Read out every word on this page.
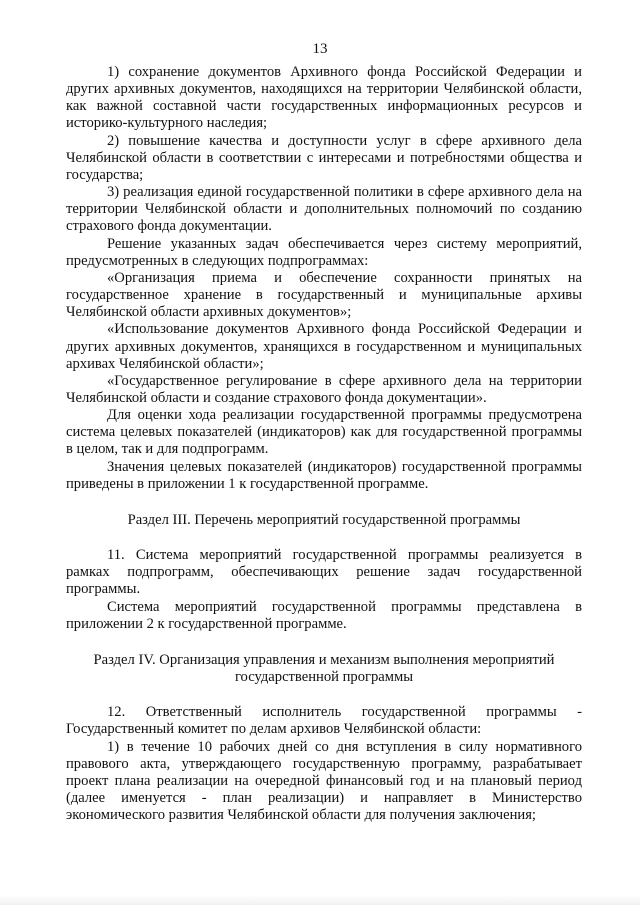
13

1) сохранение документов Архивного фонда Российской Федерации и других архивных документов, находящихся на территории Челябинской области, как важной составной части государственных информационных ресурсов и историко-культурного наследия;

2) повышение качества и доступности услуг в сфере архивного дела Челябинской области в соответствии с интересами и потребностями общества и государства;

3) реализация единой государственной политики в сфере архивного дела на территории Челябинской области и дополнительных полномочий по созданию страхового фонда документации.

Решение указанных задач обеспечивается через систему мероприятий, предусмотренных в следующих подпрограммах:

«Организация приема и обеспечение сохранности принятых на государственное хранение в государственный и муниципальные архивы Челябинской области архивных документов»;

«Использование документов Архивного фонда Российской Федерации и других архивных документов, хранящихся в государственном и муниципальных архивах Челябинской области»;

«Государственное регулирование в сфере архивного дела на территории Челябинской области и создание страхового фонда документации».

Для оценки хода реализации государственной программы предусмотрена система целевых показателей (индикаторов) как для государственной программы в целом, так и для подпрограмм.

Значения целевых показателей (индикаторов) государственной программы приведены в приложении 1 к государственной программе.

Раздел III. Перечень мероприятий государственной программы

11. Система мероприятий государственной программы реализуется в рамках подпрограмм, обеспечивающих решение задач государственной программы.

Система мероприятий государственной программы представлена в приложении 2 к государственной программе.

Раздел IV. Организация управления и механизм выполнения мероприятий
государственной программы

12. Ответственный исполнитель государственной программы - Государственный комитет по делам архивов Челябинской области:

1) в течение 10 рабочих дней со дня вступления в силу нормативного правового акта, утверждающего государственную программу, разрабатывает проект плана реализации на очередной финансовый год и на плановый период (далее именуется - план реализации) и направляет в Министерство экономического развития Челябинской области для получения заключения;
